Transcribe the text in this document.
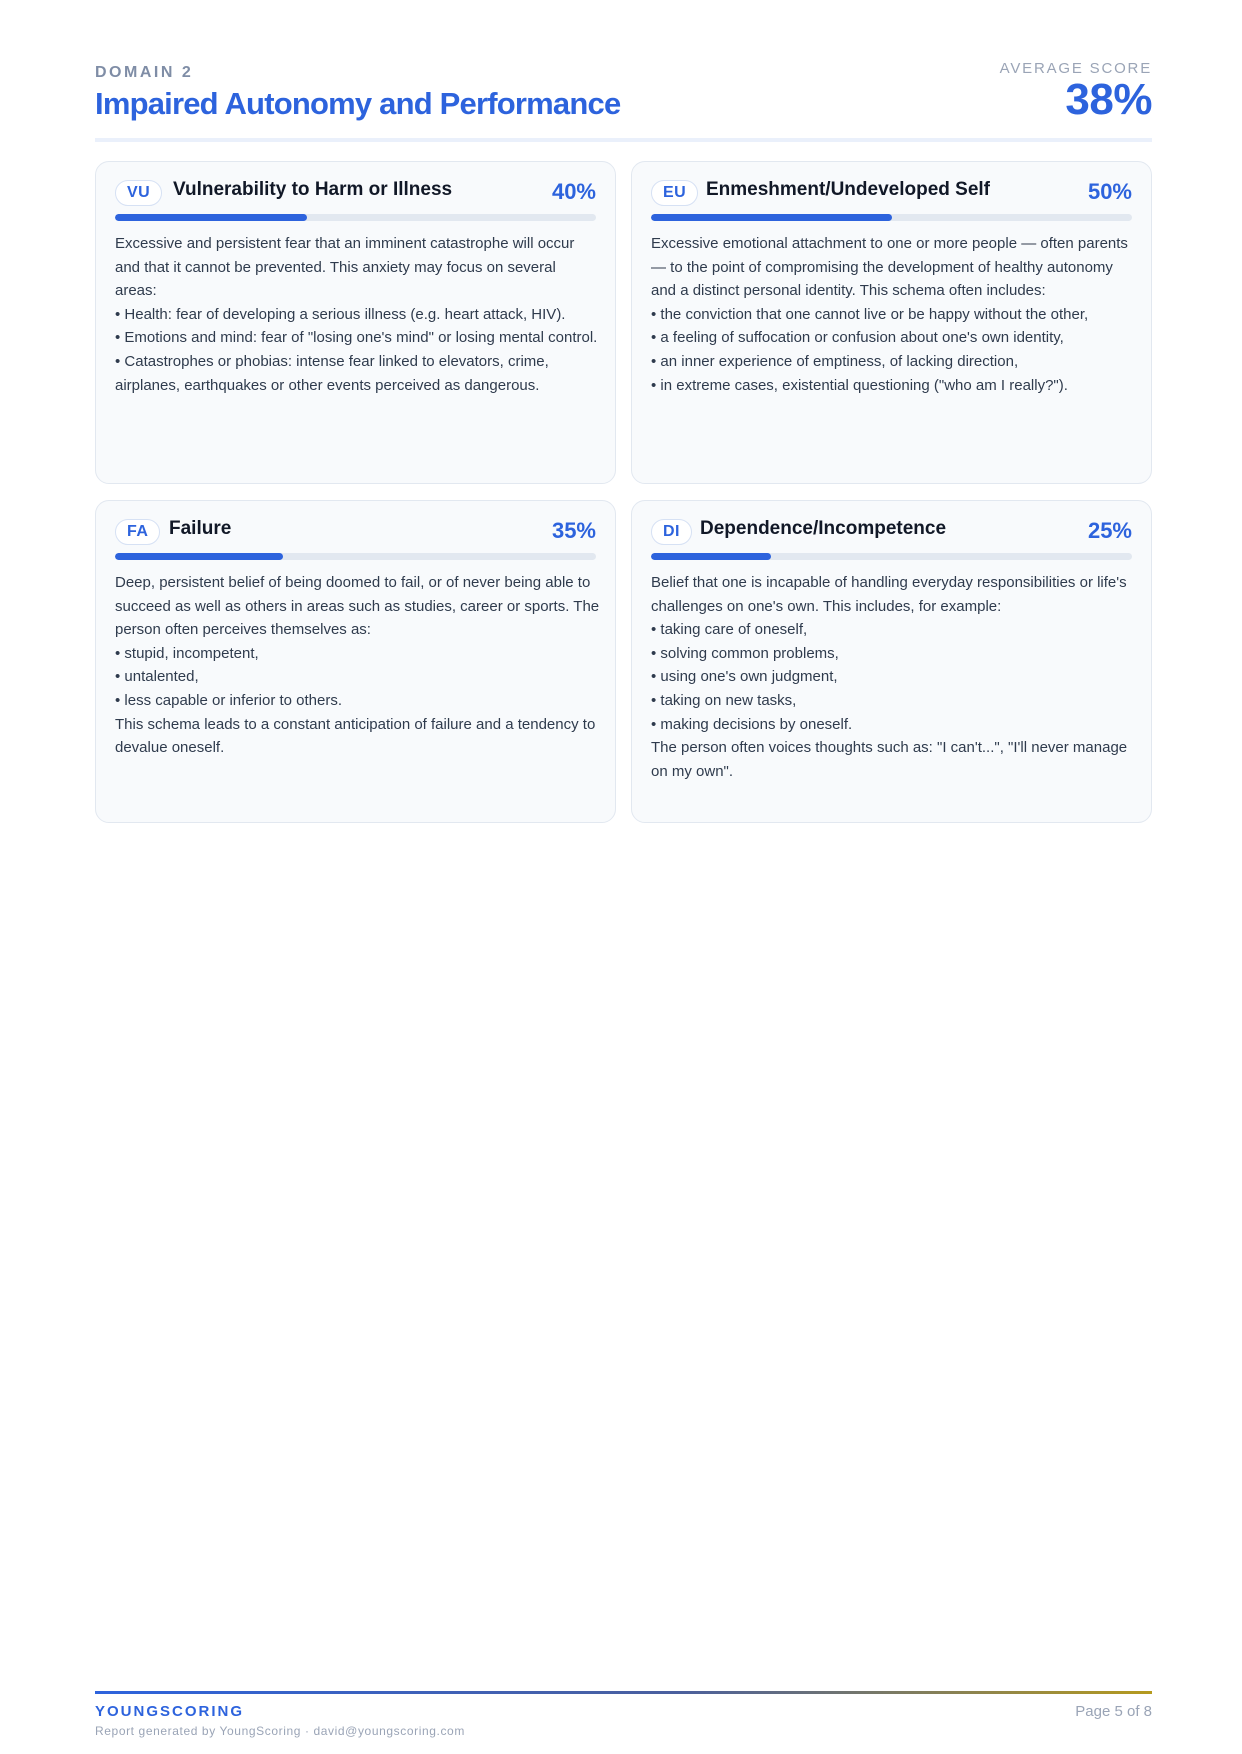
DOMAIN 2
Impaired Autonomy and Performance
AVERAGE SCORE
38%
VU	Vulnerability to Harm or Illness	40%

Excessive and persistent fear that an imminent catastrophe will occur and that it cannot be prevented. This anxiety may focus on several areas:

• Health: fear of developing a serious illness (e.g. heart attack, HIV).

• Emotions and mind: fear of "losing one's mind" or losing mental control.

• Catastrophes or phobias: intense fear linked to elevators, crime, airplanes, earthquakes or other events perceived as dangerous.

EU	Enmeshment/Undeveloped Self	50%

Excessive emotional attachment to one or more people — often parents — to the point of compromising the development of healthy autonomy and a distinct personal identity. This schema often includes:

• the conviction that one cannot live or be happy without the other,

• a feeling of suffocation or confusion about one's own identity,

• an inner experience of emptiness, of lacking direction,

• in extreme cases, existential questioning ("who am I really?").

FA	Failure	35%

Deep, persistent belief of being doomed to fail, or of never being able to succeed as well as others in areas such as studies, career or sports. The person often perceives themselves as:

• stupid, incompetent,

• untalented,

• less capable or inferior to others.

This schema leads to a constant anticipation of failure and a tendency to devalue oneself.

DI	Dependence/Incompetence	25%

Belief that one is incapable of handling everyday responsibilities or life's challenges on one's own. This includes, for example:

• taking care of oneself,

• solving common problems,

• using one's own judgment,

• taking on new tasks,

• making decisions by oneself.

The person often voices thoughts such as: "I can't...", "I'll never manage on my own".

YOUNGSCORING
Report generated by YoungScoring · david@youngscoring.com
Page 5 of 8
